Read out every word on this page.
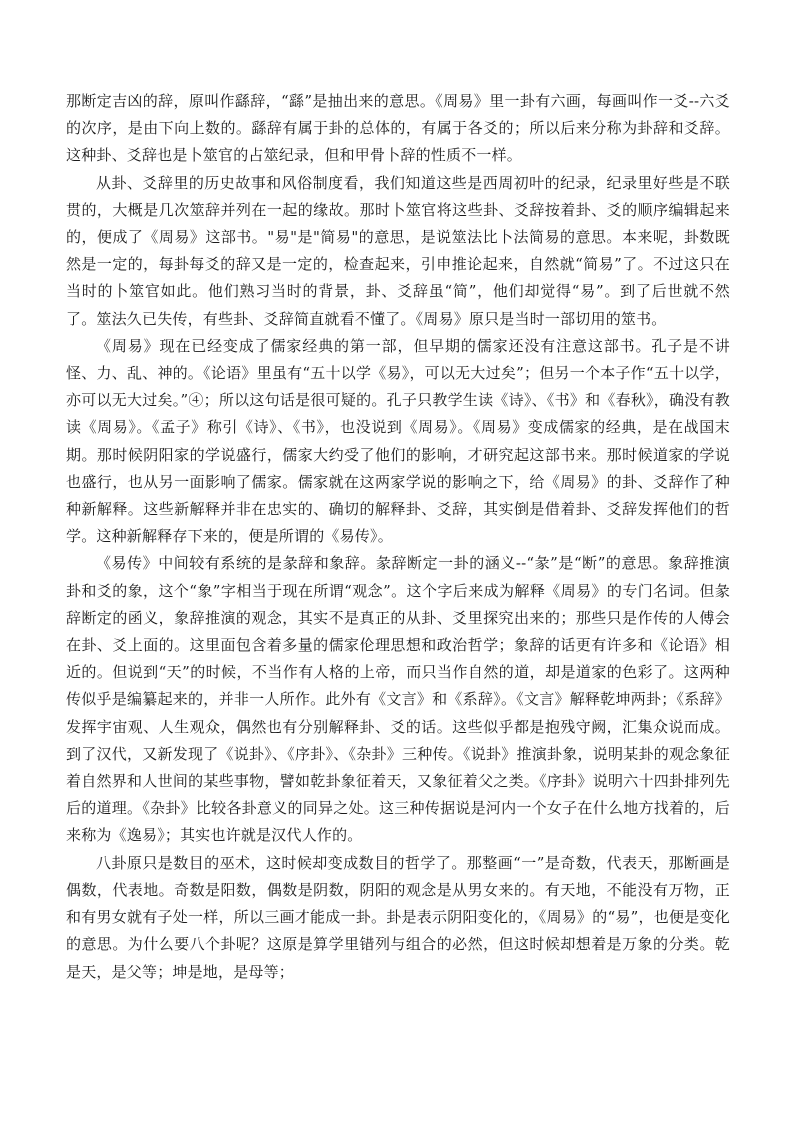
那断定吉凶的辞，原叫作繇辞，“繇”是抽出来的意思。《周易》里一卦有六画，每画叫作一爻--六爻的次序，是由下向上数的。繇辞有属于卦的总体的，有属于各爻的；所以后来分称为卦辞和爻辞。这种卦、爻辞也是卜筮官的占筮纪录，但和甲骨卜辞的性质不一样。

从卦、爻辞里的历史故事和风俗制度看，我们知道这些是西周初叶的纪录，纪录里好些是不联贯的，大概是几次筮辞并列在一起的缘故。那时卜筮官将这些卦、爻辞按着卦、爻的顺序编辑起来的，便成了《周易》这部书。"易"是"简易"的意思，是说筮法比卜法简易的意思。本来呢，卦数既然是一定的，每卦每爻的辞又是一定的，检查起来，引申推论起来，自然就“简易”了。不过这只在当时的卜筮官如此。他们熟习当时的背景，卦、爻辞虽“简”，他们却觉得“易”。到了后世就不然了。筮法久已失传，有些卦、爻辞简直就看不懂了。《周易》原只是当时一部切用的筮书。

《周易》现在已经变成了儒家经典的第一部，但早期的儒家还没有注意这部书。孔子是不讲怪、力、乱、神的。《论语》里虽有“五十以学《易》，可以无大过矣”；但另一个本子作“五十以学，亦可以无大过矣。”④；所以这句话是很可疑的。孔子只教学生读《诗》、《书》和《春秋》，确没有教读《周易》。《孟子》称引《诗》、《书》，也没说到《周易》。《周易》变成儒家的经典，是在战国末期。那时候阴阳家的学说盛行，儒家大约受了他们的影响，才研究起这部书来。那时候道家的学说也盛行，也从另一面影响了儒家。儒家就在这两家学说的影响之下，给《周易》的卦、爻辞作了种种新解释。这些新解释并非在忠实的、确切的解释卦、爻辞，其实倒是借着卦、爻辞发挥他们的哲学。这种新解释存下来的，便是所谓的《易传》。

《易传》中间较有系统的是彖辞和象辞。彖辞断定一卦的涵义--“彖”是“断”的意思。象辞推演卦和爻的象，这个“象”字相当于现在所谓“观念”。这个字后来成为解释《周易》的专门名词。但彖辞断定的函义，象辞推演的观念，其实不是真正的从卦、爻里探究出来的；那些只是作传的人傅会在卦、爻上面的。这里面包含着多量的儒家伦理思想和政治哲学；象辞的话更有许多和《论语》相近的。但说到“天”的时候，不当作有人格的上帝，而只当作自然的道，却是道家的色彩了。这两种传似乎是编纂起来的，并非一人所作。此外有《文言》和《系辞》。《文言》解释乾坤两卦；《系辞》发挥宇宙观、人生观众，偶然也有分别解释卦、爻的话。这些似乎都是抱残守阙，汇集众说而成。到了汉代，又新发现了《说卦》、《序卦》、《杂卦》三种传。《说卦》推演卦象，说明某卦的观念象征着自然界和人世间的某些事物，譬如乾卦象征着天，又象征着父之类。《序卦》说明六十四卦排列先后的道理。《杂卦》比较各卦意义的同异之处。这三种传据说是河内一个女子在什么地方找着的，后来称为《逸易》；其实也许就是汉代人作的。

八卦原只是数目的巫术，这时候却变成数目的哲学了。那整画“一”是奇数，代表天，那断画是偶数，代表地。奇数是阳数，偶数是阴数，阴阳的观念是从男女来的。有天地，不能没有万物，正和有男女就有子处一样，所以三画才能成一卦。卦是表示阴阳变化的，《周易》的“易”，也便是变化的意思。为什么要八个卦呢？这原是算学里错列与组合的必然，但这时候却想着是万象的分类。乾是天，是父等；坤是地，是母等；
